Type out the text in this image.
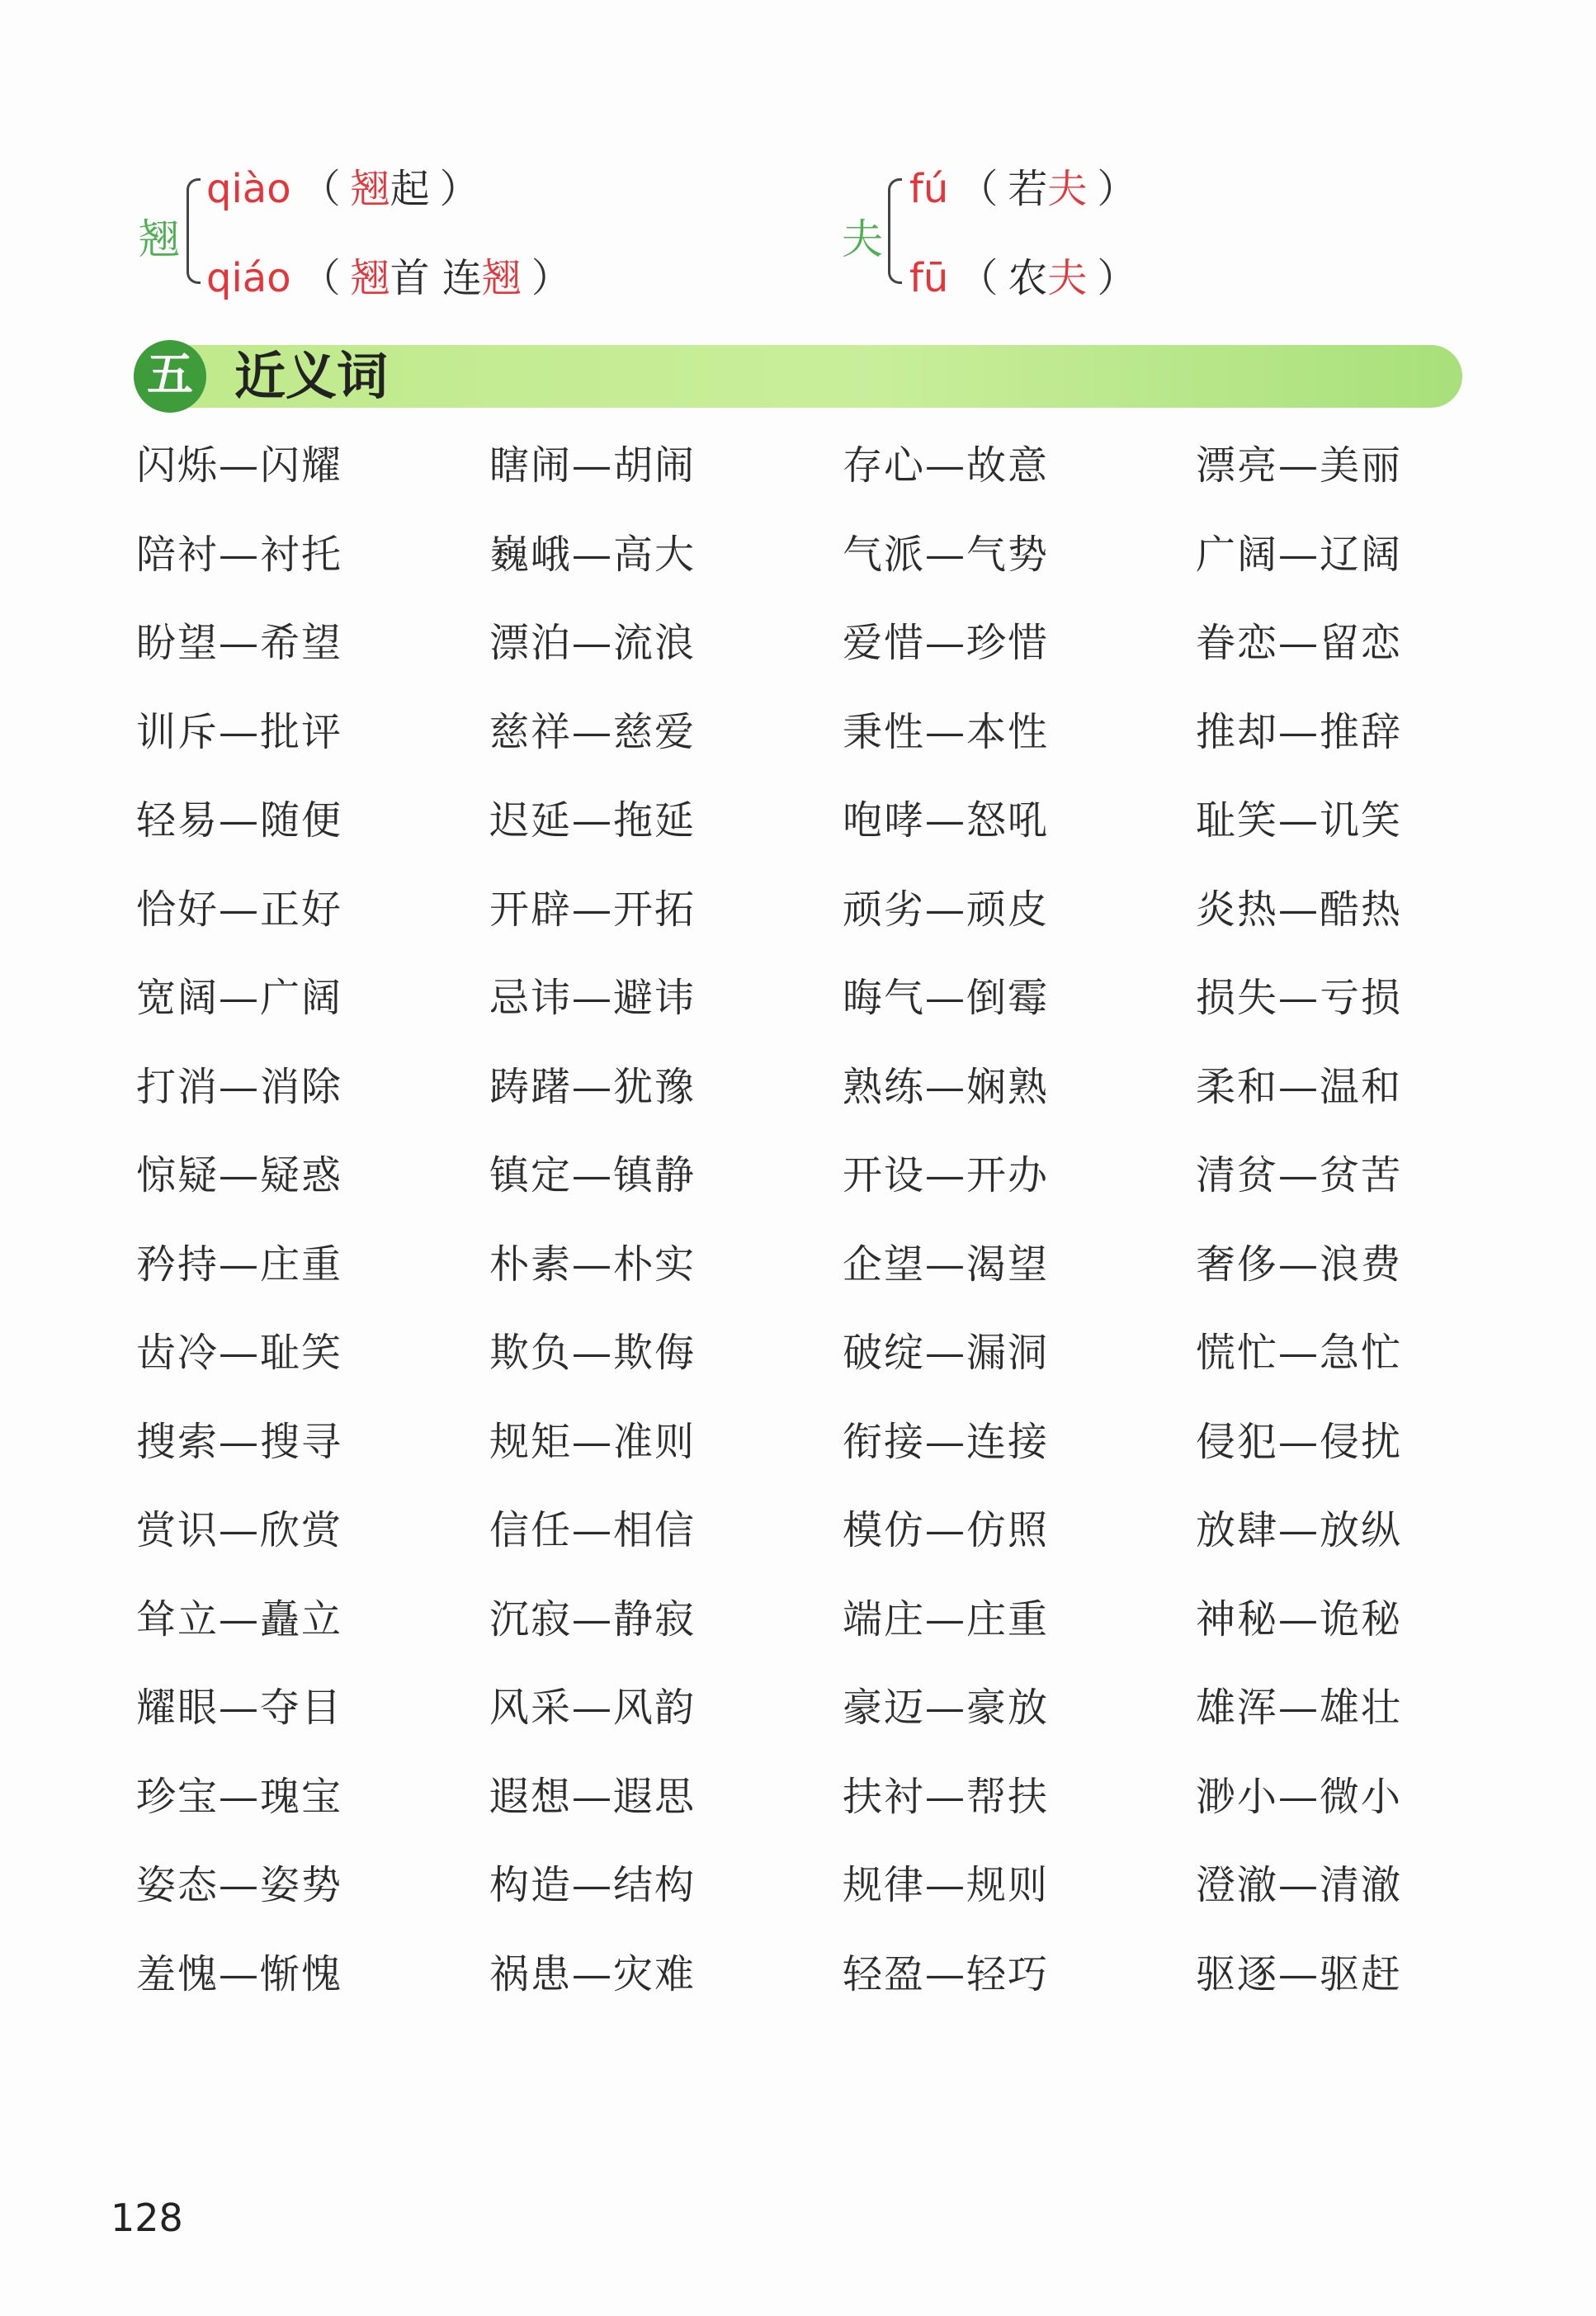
翘
qiào （ 翘起 ）
qiáo （ 翘首 连翘 ）
夫
fú （ 若夫 ）
fū （ 农夫 ）
五 近义词
闪烁—闪耀	瞎闹—胡闹	存心—故意	漂亮—美丽
陪衬—衬托	巍峨—高大	气派—气势	广阔—辽阔
盼望—希望	漂泊—流浪	爱惜—珍惜	眷恋—留恋
训斥—批评	慈祥—慈爱	秉性—本性	推却—推辞
轻易—随便	迟延—拖延	咆哮—怒吼	耻笑—讥笑
恰好—正好	开辟—开拓	顽劣—顽皮	炎热—酷热
宽阔—广阔	忌讳—避讳	晦气—倒霉	损失—亏损
打消—消除	踌躇—犹豫	熟练—娴熟	柔和—温和
惊疑—疑惑	镇定—镇静	开设—开办	清贫—贫苦
矜持—庄重	朴素—朴实	企望—渴望	奢侈—浪费
齿冷—耻笑	欺负—欺侮	破绽—漏洞	慌忙—急忙
搜索—搜寻	规矩—准则	衔接—连接	侵犯—侵扰
赏识—欣赏	信任—相信	模仿—仿照	放肆—放纵
耸立—矗立	沉寂—静寂	端庄—庄重	神秘—诡秘
耀眼—夺目	风采—风韵	豪迈—豪放	雄浑—雄壮
珍宝—瑰宝	遐想—遐思	扶衬—帮扶	渺小—微小
姿态—姿势	构造—结构	规律—规则	澄澈—清澈
羞愧—惭愧	祸患—灾难	轻盈—轻巧	驱逐—驱赶
128
